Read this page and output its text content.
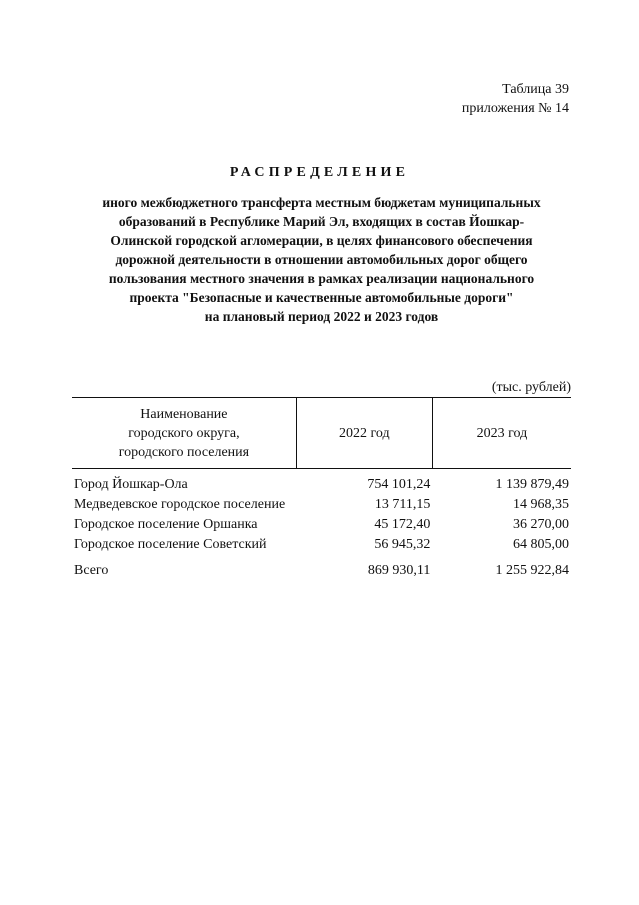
Таблица 39
приложения № 14
РАСПРЕДЕЛЕНИЕ
иного межбюджетного трансферта местным бюджетам муниципальных
образований в Республике Марий Эл, входящих в состав Йошкар-
Олинской городской агломерации, в целях финансового обеспечения
дорожной деятельности в отношении автомобильных дорог общего
пользования местного значения в рамках реализации национального
проекта "Безопасные и качественные автомобильные дороги"
на плановый период 2022 и 2023 годов
(тыс. рублей)
Наименование
городского округа,
городского поселения	2022 год	2023 год
Город Йошкар-Ола	754 101,24	1 139 879,49
Медведевское городское поселение	13 711,15	14 968,35
Городское поселение Оршанка	45 172,40	36 270,00
Городское поселение Советский	56 945,32	64 805,00
Всего	869 930,11	1 255 922,84
